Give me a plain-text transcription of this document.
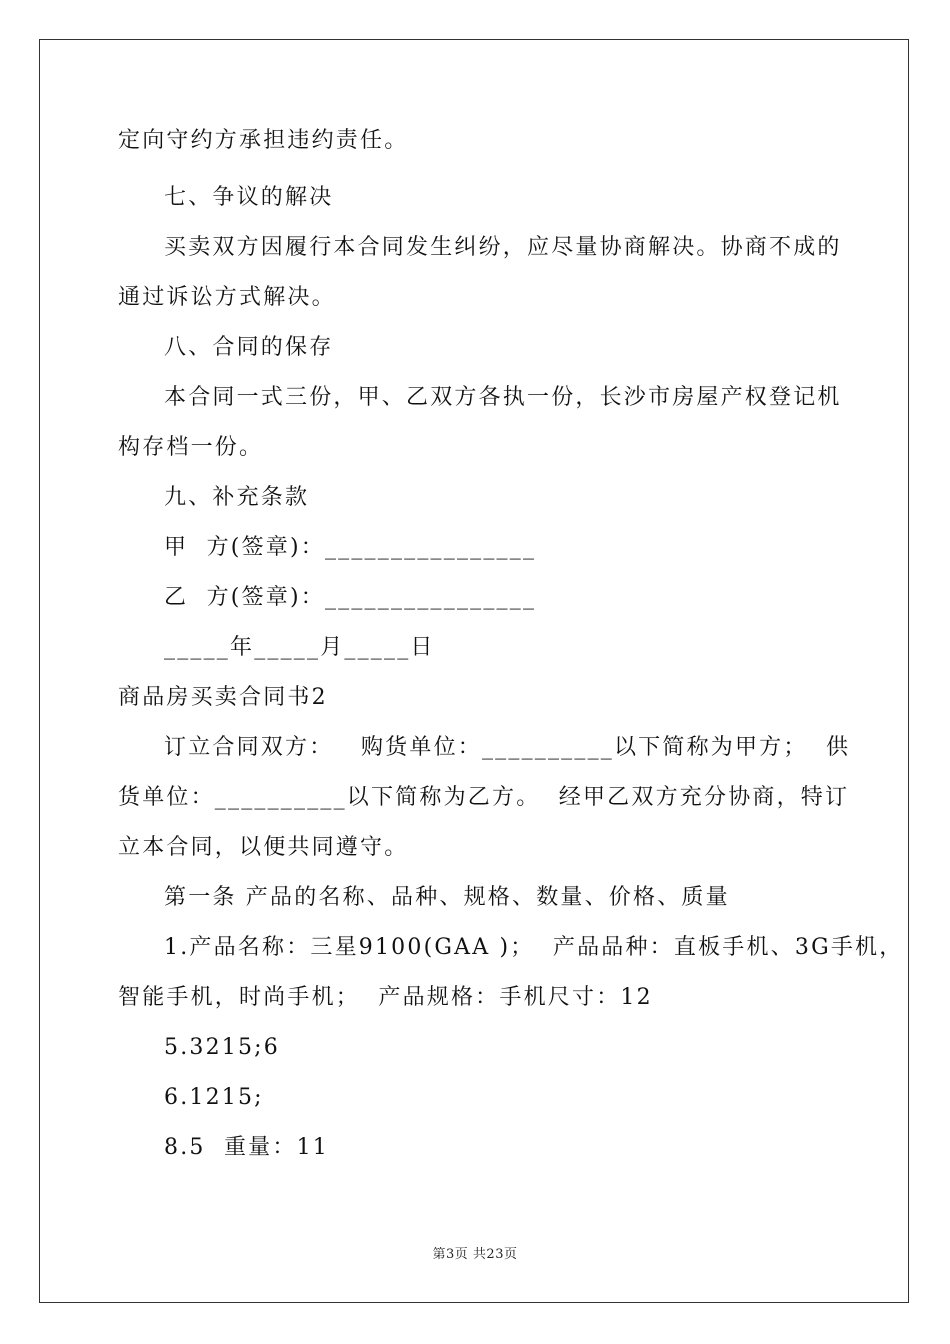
定向守约方承担违约责任。
七、争议的解决
买卖双方因履行本合同发生纠纷，应尽量协商解决。协商不成的
通过诉讼方式解决。
八、合同的保存
本合同一式三份，甲、乙双方各执一份，长沙市房屋产权登记机
构存档一份。
九、补充条款
甲  方(签章)：________________
乙  方(签章)：________________
_____年_____月_____日
商品房买卖合同书2
订立合同双方：   购货单位：__________以下简称为甲方；  供
货单位：__________以下简称为乙方。  经甲乙双方充分协商，特订
立本合同，以便共同遵守。
第一条 产品的名称、品种、规格、数量、价格、质量
1.产品名称：三星9100(GAA )；  产品品种：直板手机、3G手机，
智能手机，时尚手机；  产品规格：手机尺寸：12
5.3215;6
6.1215;
8.5  重量：11
第3页 共23页
